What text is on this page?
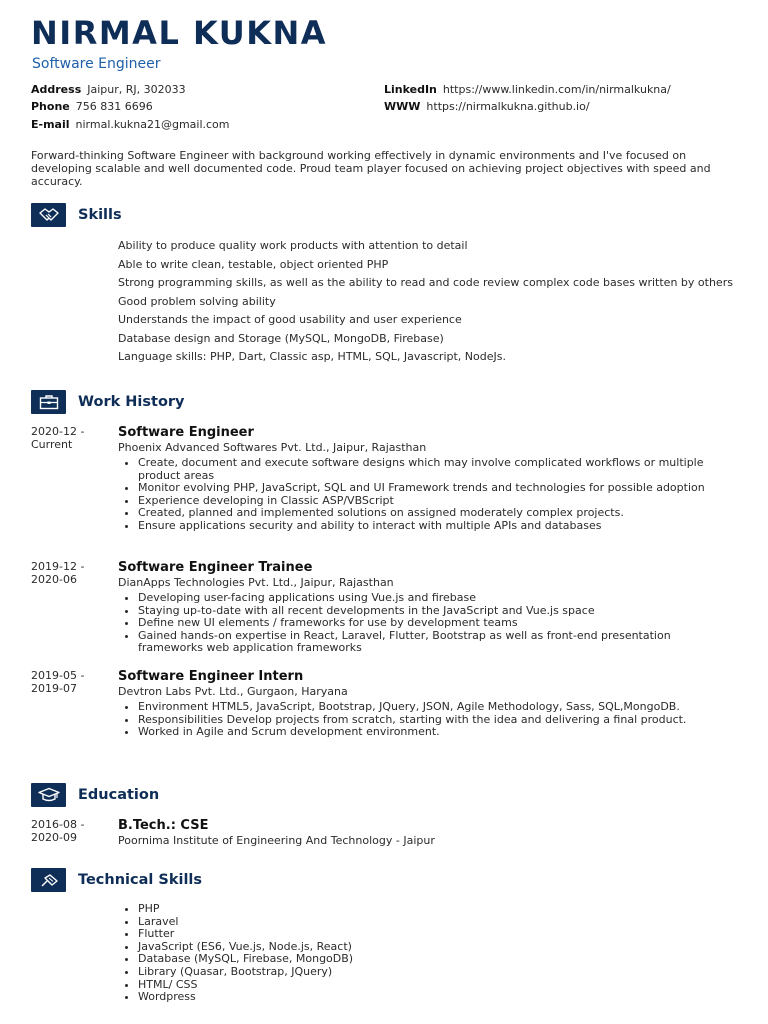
NIRMAL KUKNA
Software Engineer
Address Jaipur, RJ, 302033
Phone 756 831 6696
E-mail nirmal.kukna21@gmail.com
LinkedIn https://www.linkedin.com/in/nirmalkukna/
WWW https://nirmalkukna.github.io/
Forward-thinking Software Engineer with background working effectively in dynamic environments and I've focused on developing scalable and well documented code. Proud team player focused on achieving project objectives with speed and accuracy.
Skills
Ability to produce quality work products with attention to detail
Able to write clean, testable, object oriented PHP
Strong programming skills, as well as the ability to read and code review complex code bases written by others
Good problem solving ability
Understands the impact of good usability and user experience
Database design and Storage (MySQL, MongoDB, Firebase)
Language skills: PHP, Dart, Classic asp, HTML, SQL, Javascript, NodeJs.
Work History
2020-12 -
Current
Software Engineer
Phoenix Advanced Softwares Pvt. Ltd., Jaipur, Rajasthan
• Create, document and execute software designs which may involve complicated workflows or multiple product areas
• Monitor evolving PHP, JavaScript, SQL and UI Framework trends and technologies for possible adoption
• Experience developing in Classic ASP/VBScript
• Created, planned and implemented solutions on assigned moderately complex projects.
• Ensure applications security and ability to interact with multiple APIs and databases
2019-12 -
2020-06
Software Engineer Trainee
DianApps Technologies Pvt. Ltd., Jaipur, Rajasthan
• Developing user-facing applications using Vue.js and firebase
• Staying up-to-date with all recent developments in the JavaScript and Vue.js space
• Define new UI elements / frameworks for use by development teams
• Gained hands-on expertise in React, Laravel, Flutter, Bootstrap as well as front-end presentation frameworks web application frameworks
2019-05 -
2019-07
Software Engineer Intern
Devtron Labs Pvt. Ltd., Gurgaon, Haryana
• Environment HTML5, JavaScript, Bootstrap, JQuery, JSON, Agile Methodology, Sass, SQL,MongoDB.
• Responsibilities Develop projects from scratch, starting with the idea and delivering a final product.
• Worked in Agile and Scrum development environment.
Education
2016-08 -
2020-09
B.Tech.: CSE
Poornima Institute of Engineering And Technology - Jaipur
Technical Skills
• PHP
• Laravel
• Flutter
• JavaScript (ES6, Vue.js, Node.js, React)
• Database (MySQL, Firebase, MongoDB)
• Library (Quasar, Bootstrap, JQuery)
• HTML/ CSS
• Wordpress
